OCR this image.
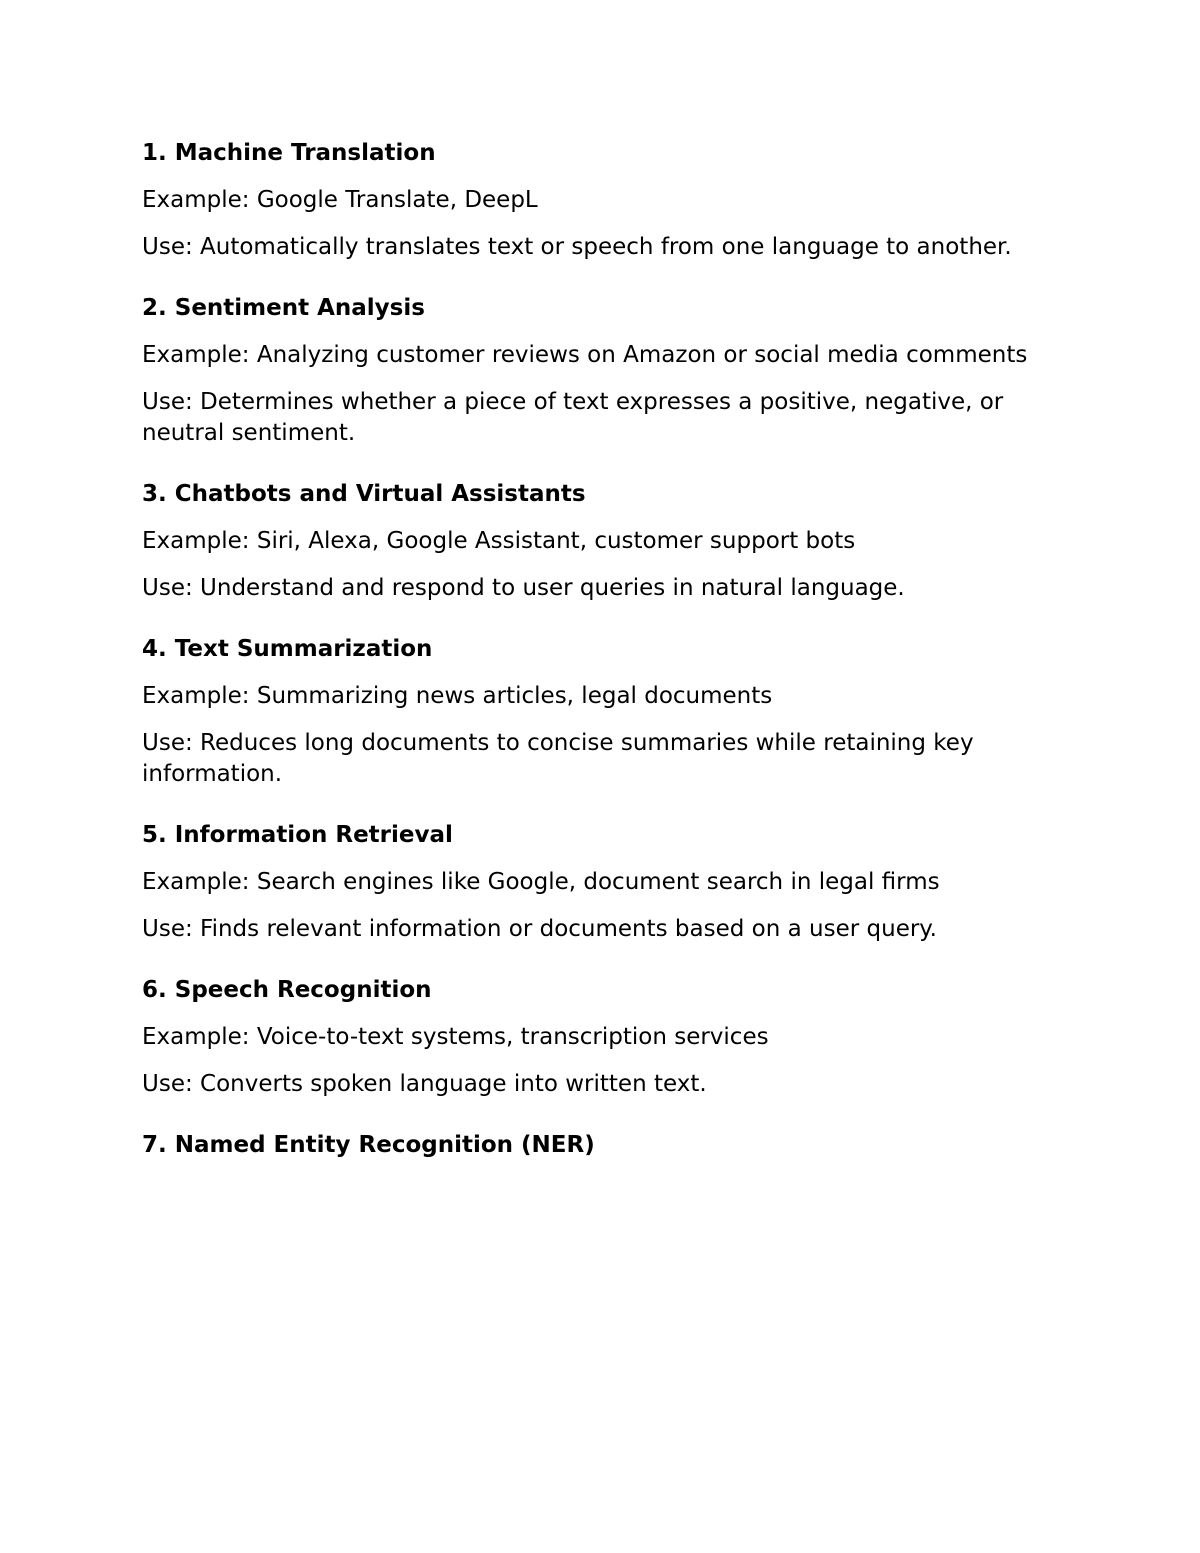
1. Machine Translation
Example: Google Translate, DeepL
Use: Automatically translates text or speech from one language to another.
2. Sentiment Analysis
Example: Analyzing customer reviews on Amazon or social media comments
Use: Determines whether a piece of text expresses a positive, negative, or neutral sentiment.
3. Chatbots and Virtual Assistants
Example: Siri, Alexa, Google Assistant, customer support bots
Use: Understand and respond to user queries in natural language.
4. Text Summarization
Example: Summarizing news articles, legal documents
Use: Reduces long documents to concise summaries while retaining key information.
5. Information Retrieval
Example: Search engines like Google, document search in legal firms
Use: Finds relevant information or documents based on a user query.
6. Speech Recognition
Example: Voice-to-text systems, transcription services
Use: Converts spoken language into written text.
7. Named Entity Recognition (NER)
